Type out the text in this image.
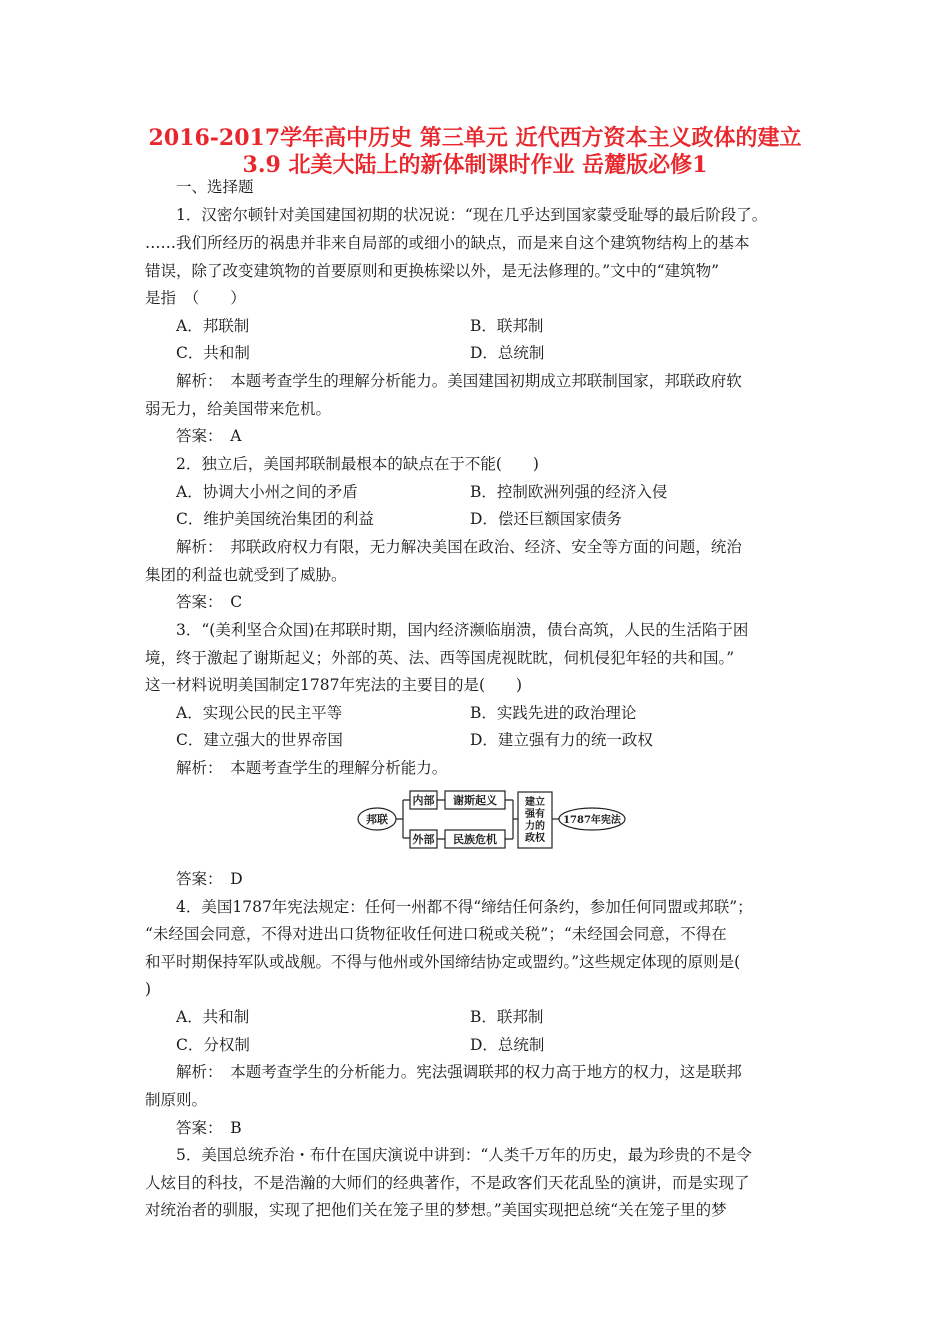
2016-2017学年高中历史 第三单元 近代西方资本主义政体的建立
3.9 北美大陆上的新体制课时作业 岳麓版必修1
一、选择题
1．汉密尔顿针对美国建国初期的状况说：“现在几乎达到国家蒙受耻辱的最后阶段了。
……我们所经历的祸患并非来自局部的或细小的缺点，而是来自这个建筑物结构上的基本
错误，除了改变建筑物的首要原则和更换栋梁以外，是无法修理的。”文中的“建筑物”
是指　（　　）
A．邦联制	B．联邦制
C．共和制	D．总统制
解析：　本题考查学生的理解分析能力。美国建国初期成立邦联制国家，邦联政府软
弱无力，给美国带来危机。
答案：　A
2．独立后，美国邦联制最根本的缺点在于不能(　　)
A．协调大小州之间的矛盾	B．控制欧洲列强的经济入侵
C．维护美国统治集团的利益	D．偿还巨额国家债务
解析：　邦联政府权力有限，无力解决美国在政治、经济、安全等方面的问题，统治
集团的利益也就受到了威胁。
答案：　C
3．“(美利坚合众国)在邦联时期，国内经济濒临崩溃，债台高筑，人民的生活陷于困
境，终于激起了谢斯起义；外部的英、法、西等国虎视眈眈，伺机侵犯年轻的共和国。”
这一材料说明美国制定1787年宪法的主要目的是(　　)
A．实现公民的民主平等	B．实践先进的政治理论
C．建立强大的世界帝国	D．建立强有力的统一政权
解析：　本题考查学生的理解分析能力。
邦联
内部
外部
谢斯起义
民族危机
建立
强有
力的
政权
1787年宪法
答案：　D
4．美国1787年宪法规定：任何一州都不得“缔结任何条约，参加任何同盟或邦联”；
“未经国会同意，不得对进出口货物征收任何进口税或关税”；“未经国会同意，不得在
和平时期保持军队或战舰。不得与他州或外国缔结协定或盟约。”这些规定体现的原则是(
)
A．共和制	B．联邦制
C．分权制	D．总统制
解析：　本题考查学生的分析能力。宪法强调联邦的权力高于地方的权力，这是联邦
制原则。
答案：　B
5．美国总统乔治・布什在国庆演说中讲到：“人类千万年的历史，最为珍贵的不是令
人炫目的科技，不是浩瀚的大师们的经典著作，不是政客们天花乱坠的演讲，而是实现了
对统治者的驯服，实现了把他们关在笼子里的梦想。”美国实现把总统“关在笼子里的梦
